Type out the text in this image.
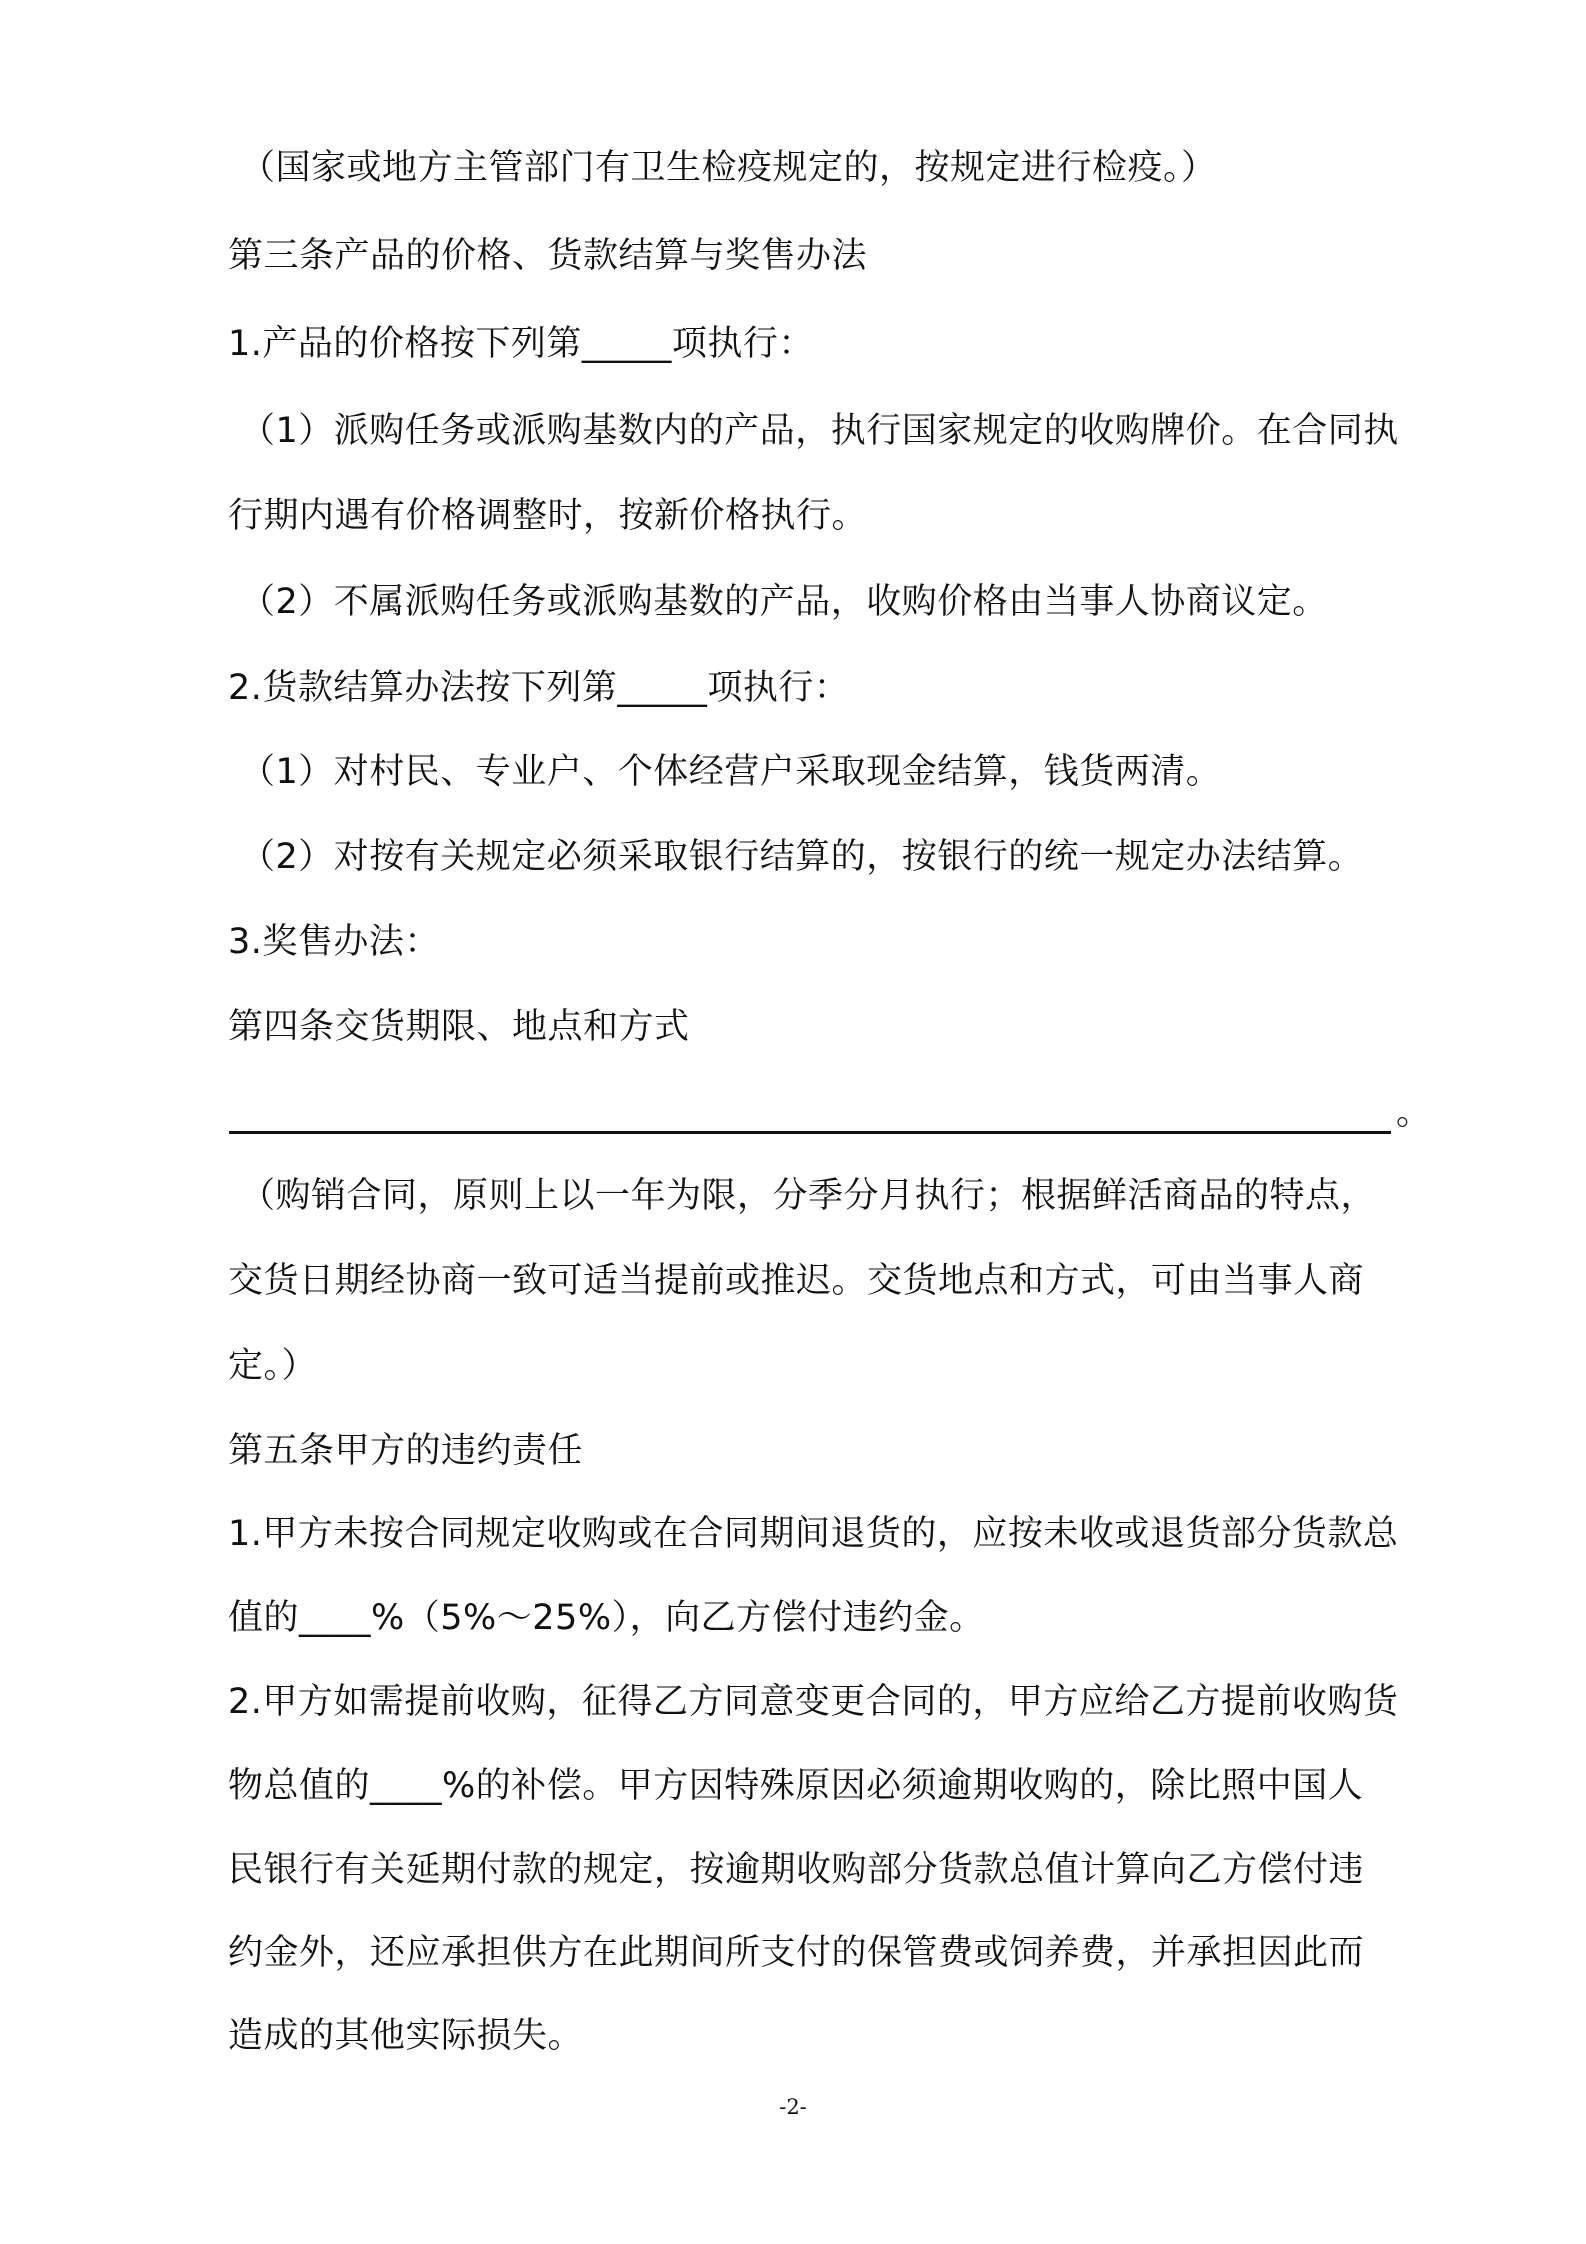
（国家或地方主管部门有卫生检疫规定的，按规定进行检疫。）
第三条产品的价格、货款结算与奖售办法
1.产品的价格按下列第_____项执行：
（1）派购任务或派购基数内的产品，执行国家规定的收购牌价。在合同执
行期内遇有价格调整时，按新价格执行。
（2）不属派购任务或派购基数的产品，收购价格由当事人协商议定。
2.货款结算办法按下列第_____项执行：
（1）对村民、专业户、个体经营户采取现金结算，钱货两清。
（2）对按有关规定必须采取银行结算的，按银行的统一规定办法结算。
3.奖售办法：
第四条交货期限、地点和方式
。
（购销合同，原则上以一年为限，分季分月执行；根据鲜活商品的特点，
交货日期经协商一致可适当提前或推迟。交货地点和方式，可由当事人商
定。）
第五条甲方的违约责任
1.甲方未按合同规定收购或在合同期间退货的，应按未收或退货部分货款总
值的____%（5%～25%），向乙方偿付违约金。
2.甲方如需提前收购，征得乙方同意变更合同的，甲方应给乙方提前收购货
物总值的____%的补偿。甲方因特殊原因必须逾期收购的，除比照中国人
民银行有关延期付款的规定，按逾期收购部分货款总值计算向乙方偿付违
约金外，还应承担供方在此期间所支付的保管费或饲养费，并承担因此而
造成的其他实际损失。
-2-
